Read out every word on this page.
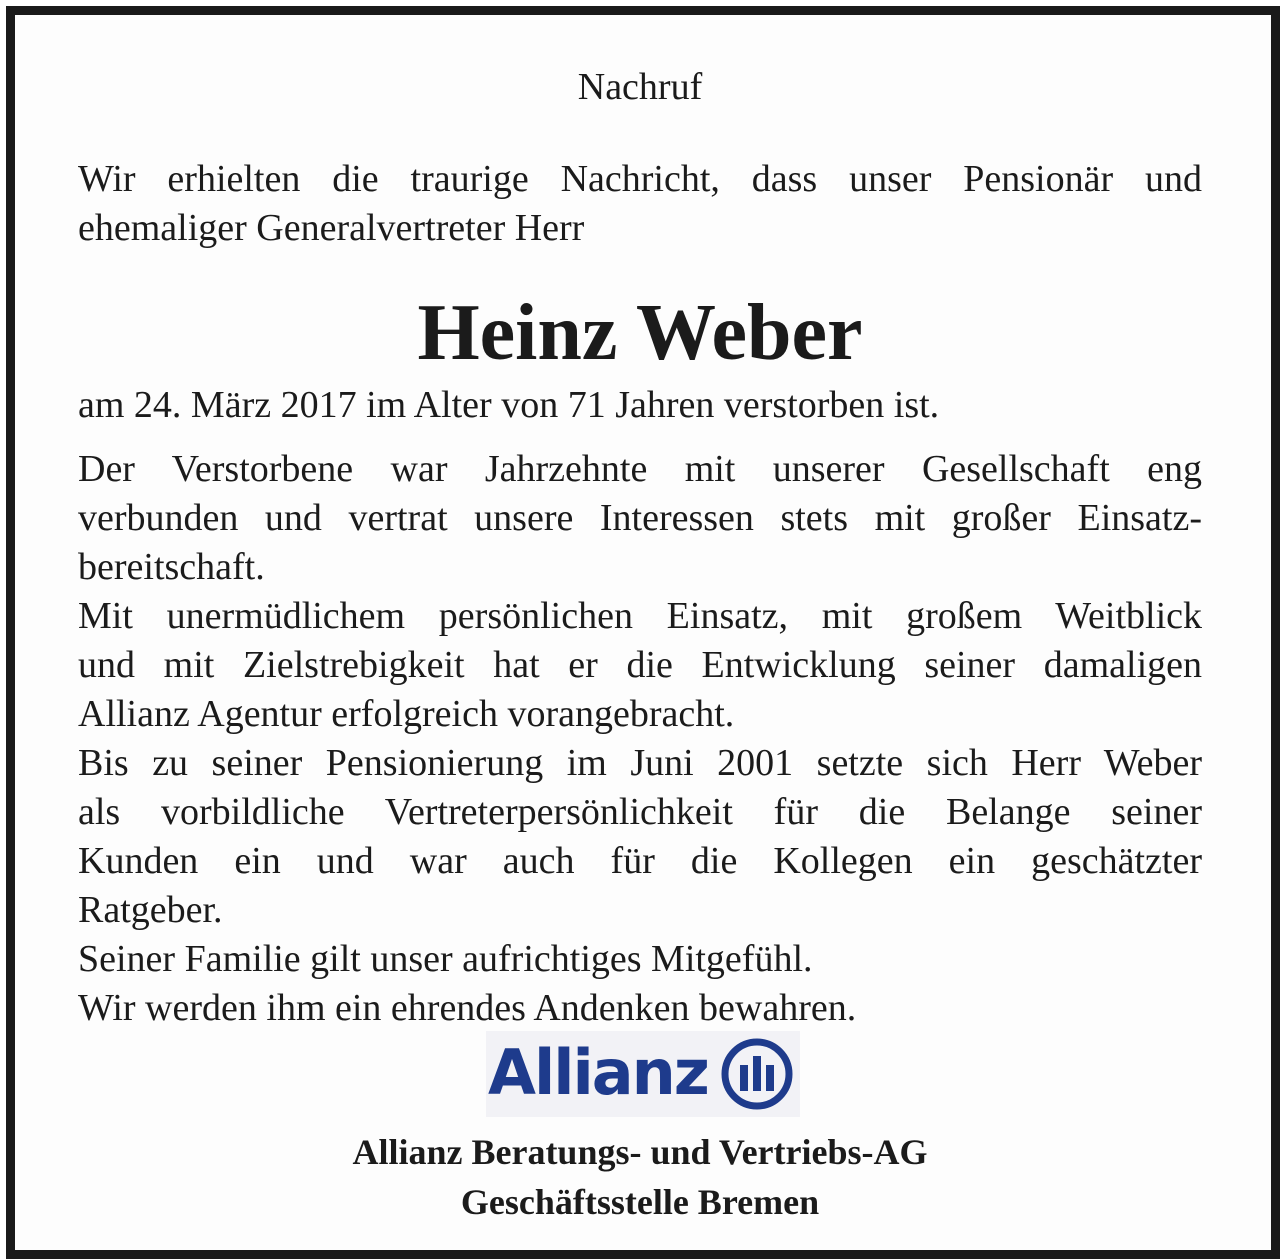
Nachruf

Wir erhielten die traurige Nachricht, dass unser Pensionär und
ehemaliger Generalvertreter Herr

Heinz Weber

am 24. März 2017 im Alter von 71 Jahren verstorben ist.

Der Verstorbene war Jahrzehnte mit unserer Gesellschaft eng
verbunden und vertrat unsere Interessen stets mit großer Einsatz-
bereitschaft.
Mit unermüdlichem persönlichen Einsatz, mit großem Weitblick
und mit Zielstrebigkeit hat er die Entwicklung seiner damaligen
Allianz Agentur erfolgreich vorangebracht.
Bis zu seiner Pensionierung im Juni 2001 setzte sich Herr Weber
als vorbildliche Vertreterpersönlichkeit für die Belange seiner
Kunden ein und war auch für die Kollegen ein geschätzter
Ratgeber.
Seiner Familie gilt unser aufrichtiges Mitgefühl.
Wir werden ihm ein ehrendes Andenken bewahren.

Allianz
Allianz Beratungs- und Vertriebs-AG
Geschäftsstelle Bremen
